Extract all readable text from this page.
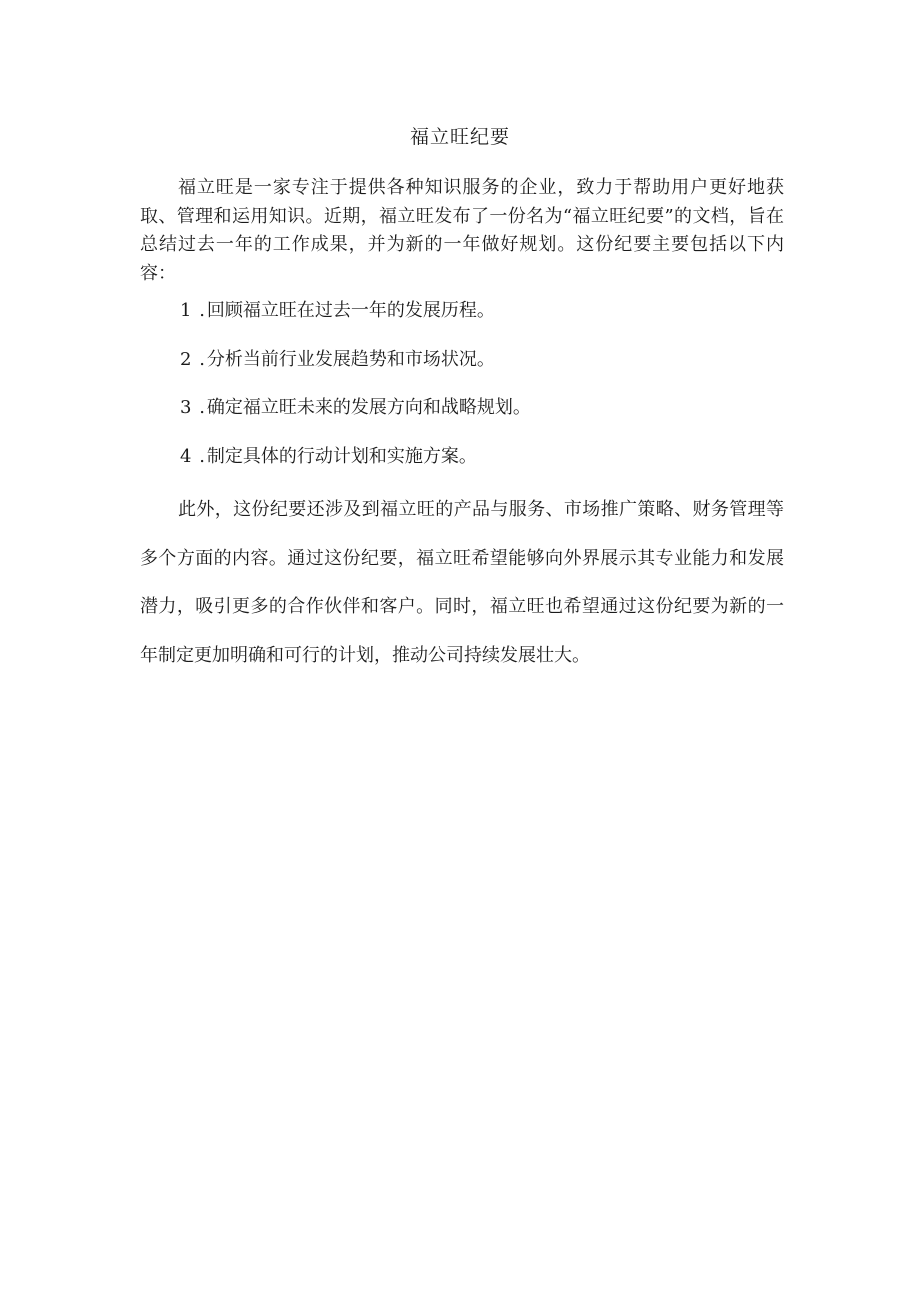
福立旺纪要

福立旺是一家专注于提供各种知识服务的企业，致力于帮助用户更好地获取、管理和运用知识。近期，福立旺发布了一份名为“福立旺纪要”的文档，旨在总结过去一年的工作成果，并为新的一年做好规划。这份纪要主要包括以下内容：

1 .回顾福立旺在过去一年的发展历程。
2 .分析当前行业发展趋势和市场状况。
3 .确定福立旺未来的发展方向和战略规划。
4 .制定具体的行动计划和实施方案。

此外，这份纪要还涉及到福立旺的产品与服务、市场推广策略、财务管理等多个方面的内容。通过这份纪要，福立旺希望能够向外界展示其专业能力和发展潜力，吸引更多的合作伙伴和客户。同时，福立旺也希望通过这份纪要为新的一年制定更加明确和可行的计划，推动公司持续发展壮大。
